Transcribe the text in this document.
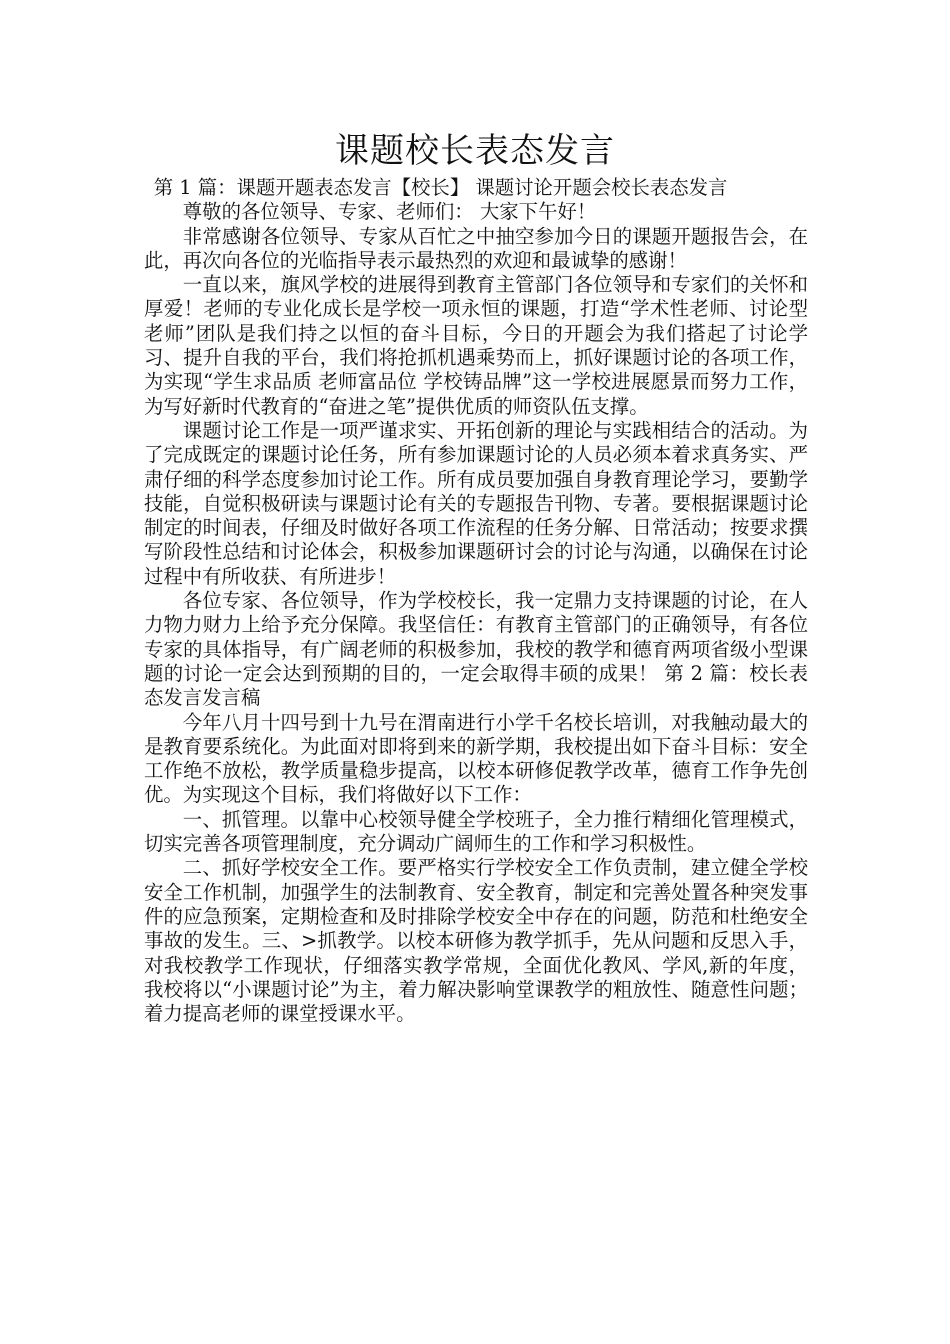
课题校长表态发言

第 1 篇：课题开题表态发言【校长】 课题讨论开题会校长表态发言

尊敬的各位领导、专家、老师们： 大家下午好！

非常感谢各位领导、专家从百忙之中抽空参加今日的课题开题报告会，在此，再次向各位的光临指导表示最热烈的欢迎和最诚挚的感谢！

一直以来，旗风学校的进展得到教育主管部门各位领导和专家们的关怀和厚爱！老师的专业化成长是学校一项永恒的课题，打造“学术性老师、讨论型老师”团队是我们持之以恒的奋斗目标，今日的开题会为我们搭起了讨论学习、提升自我的平台，我们将抢抓机遇乘势而上，抓好课题讨论的各项工作，为实现“学生求品质 老师富品位 学校铸品牌”这一学校进展愿景而努力工作，为写好新时代教育的“奋进之笔”提供优质的师资队伍支撑。

课题讨论工作是一项严谨求实、开拓创新的理论与实践相结合的活动。为了完成既定的课题讨论任务，所有参加课题讨论的人员必须本着求真务实、严肃仔细的科学态度参加讨论工作。所有成员要加强自身教育理论学习，要勤学技能，自觉积极研读与课题讨论有关的专题报告刊物、专著。要根据课题讨论制定的时间表，仔细及时做好各项工作流程的任务分解、日常活动；按要求撰写阶段性总结和讨论体会，积极参加课题研讨会的讨论与沟通，以确保在讨论过程中有所收获、有所进步！

各位专家、各位领导，作为学校校长，我一定鼎力支持课题的讨论，在人力物力财力上给予充分保障。我坚信任：有教育主管部门的正确领导，有各位专家的具体指导，有广阔老师的积极参加，我校的教学和德育两项省级小型课题的讨论一定会达到预期的目的，一定会取得丰硕的成果！ 第 2 篇：校长表态发言发言稿

今年八月十四号到十九号在渭南进行小学千名校长培训，对我触动最大的是教育要系统化。为此面对即将到来的新学期，我校提出如下奋斗目标：安全工作绝不放松，教学质量稳步提高，以校本研修促教学改革，德育工作争先创优。为实现这个目标，我们将做好以下工作：

一、抓管理。以靠中心校领导健全学校班子，全力推行精细化管理模式，切实完善各项管理制度，充分调动广阔师生的工作和学习积极性。

二、抓好学校安全工作。要严格实行学校安全工作负责制，建立健全学校安全工作机制，加强学生的法制教育、安全教育，制定和完善处置各种突发事件的应急预案，定期检查和及时排除学校安全中存在的问题，防范和杜绝安全事故的发生。三、>抓教学。以校本研修为教学抓手，先从问题和反思入手，对我校教学工作现状，仔细落实教学常规，全面优化教风、学风,新的年度，我校将以“小课题讨论”为主，着力解决影响堂课教学的粗放性、随意性问题；着力提高老师的课堂授课水平。
